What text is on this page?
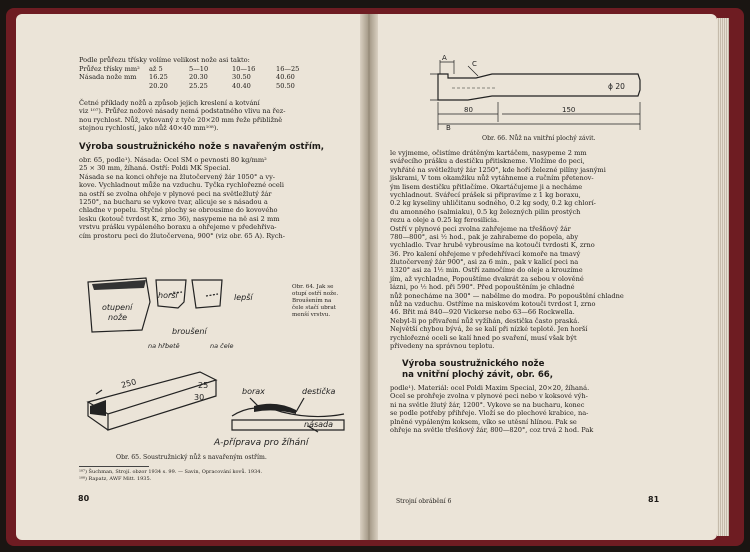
Podle průřezu třísky volíme velikost nože asi takto:
Průřez třísky mm²	až 5	5—10	10—16	16—25
Násada nože mm	16.25	20.30	30.50	40.60
	20.20	25.25	40.40	50.50
Četné příklady nožů a způsob jejich kreslení a kotvání
viz ¹⁰⁷). Průřez nožové násady nemá podstatného vlivu na řez-
nou rychlost. Nůž, vykovaný z tyče 20×20 mm řeže přibližně
stejnou rychlostí, jako nůž 40×40 mm¹⁰⁸).
Výroba soustružnického nože s navařeným ostřím,
obr. 65, podle¹). Násada: Ocel SM o pevnosti 80 kg/mm²
25 × 30 mm, žíhaná. Ostří: Poldi MK Special.
Násada se na konci ohřeje na žlutočervený žár 1050° a vy-
kove. Vychladnout může na vzduchu. Tyčka rychlořezné oceli
na ostří se zvolna ohřeje v plynové peci na světležlutý žár
1250°, na bucharu se vykove tvar, alicuje se s násadou a
chladne v popelu. Styčné plochy se obrousime do kovového
lesku (kotouč tvrdost K, zrno 36), nasypeme na ně asi 2 mm
vrstvu prášku vypáleného boraxu a ohřejeme v předehřiva-
cím prostoru peci do žlutočervena, 900° (viz obr. 65 A). Rych-
otupení
nože
horší	lepší
broušení
na hřbetě	na čele
Obr. 64. Jak se
otupí ostří nože.
Broušením na
čele stačí ubrat
menší vrstvu.
250	25
30
borax	destička
násada
A-příprava pro žíhání
Obr. 65. Soustružnický nůž s navařeným ostřím.
¹⁰⁷) Šuchman, Strojí. obzor 1934 s. 99. — Savin, Opracování kovů. 1934.
¹⁰⁸) Rapatz, AWF Mitt. 1935.
80
A
C
B
80	150
ϕ 20
Obr. 66. Nůž na vnitřní plochý závit.
le vyjmeme, očistíme drátěným kartáčem, nasypeme 2 mm
svářecího prášku a destičku přitiskneme. Vložíme do peci,
vyhřáté na světležlutý žár 1250°, kde hoří železné pilíny jasnými
jiskrami, V tom okamžiku nůž vytáhneme a ručním přetenov-
ým lisem destičku přitlačíme. Okartáčujeme ji a necháme
vychladnout. Svářecí prášek si připravíme z 1 kg boraxu,
0.2 kg kyseliny uhličitanu sodného, 0.2 kg sody, 0.2 kg chlorí-
du amonného (salmiaku), 0.5 kg železných pilin prostých
rezu a oleje a 0.25 kg ferosilicia.
Ostří v plynové peci zvolna zahřejeme na třešňový žár
780—800°, asi ½ hod., pak je zahrabeme do popela, aby
vychladlo. Tvar hrubě vybrousíme na kotouči tvrdosti K, zrno
36. Pro kalení ohřejeme v předehřívací komoře na tmavý
žlutočervený žár 900°, asi za 6 min., pak v kalicí peci na
1320° asi za 1½ min. Ostří zamočíme do oleje a krouzíme
jím, až vychladne, Popouštíme dvakrát za sebou v olověné
lázni, po ½ hod. při 590°. Před popouštěním je chladné
nůž ponecháme na 300° — nabělme do modra. Po popouštění chladne
nůž na vzduchu. Ostříme na miskovém kotouči tvrdost I, zrno
46. Břit má 840—920 Vickerse nebo 63—66 Rockwella.
Nebyl-li po přivaření nůž vyžíhán, destička často praská.
Největší chybou bývá, že se kalí při nízké teplotě. Jen horší
rychlořezné oceli se kalí hned po svaření, musí však být
přivedeny na správnou teplotu.
Výroba soustružnického nože
na vnitřní plochý závit, obr. 66,
podle¹). Materiál: ocel Poldi Maxim Special, 20×20, žíhaná.
Ocel se prohřeje zvolna v plynové peci nebo v koksové výh-
ni na světle žlutý žár, 1200°. Vykove se na bucharu, konec
se podle potřeby přihřeje. Vloží se do plechové krabice, na-
plněné vypáleným koksem, víko se utěsní hlínou. Pak se
ohřeje na světle třešňový žár, 800—820°, coz trvá 2 hod. Pak
Strojní obrábění 6	81
